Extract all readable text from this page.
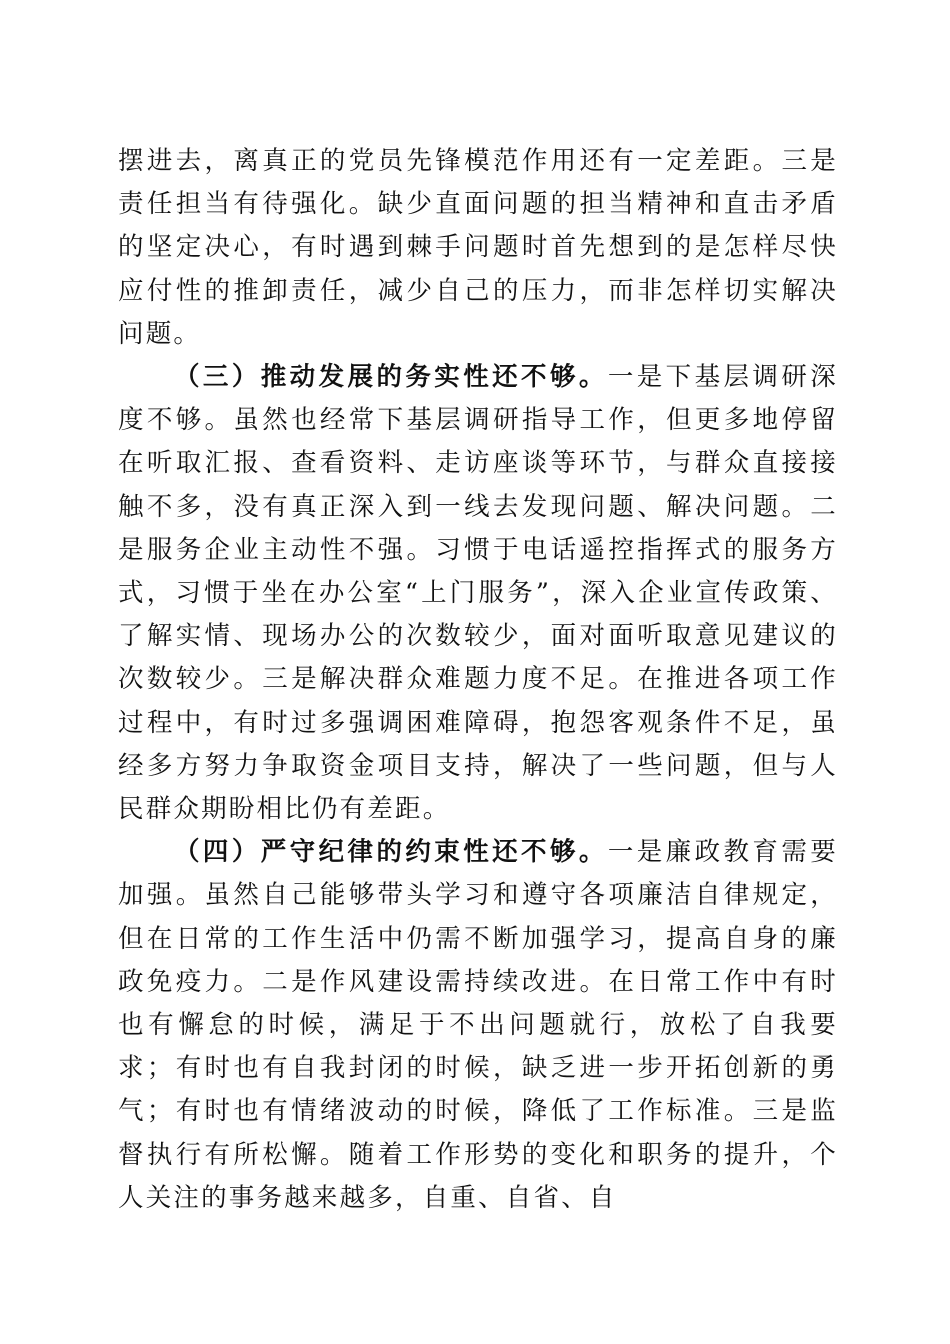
摆进去，离真正的党员先锋模范作用还有一定差距。三是责任担当有待强化。缺少直面问题的担当精神和直击矛盾的坚定决心，有时遇到棘手问题时首先想到的是怎样尽快应付性的推卸责任，减少自己的压力，而非怎样切实解决问题。

（三）推动发展的务实性还不够。一是下基层调研深度不够。虽然也经常下基层调研指导工作，但更多地停留在听取汇报、查看资料、走访座谈等环节，与群众直接接触不多，没有真正深入到一线去发现问题、解决问题。二是服务企业主动性不强。习惯于电话遥控指挥式的服务方式，习惯于坐在办公室“上门服务”，深入企业宣传政策、了解实情、现场办公的次数较少，面对面听取意见建议的次数较少。三是解决群众难题力度不足。在推进各项工作过程中，有时过多强调困难障碍，抱怨客观条件不足，虽经多方努力争取资金项目支持，解决了一些问题，但与人民群众期盼相比仍有差距。

（四）严守纪律的约束性还不够。一是廉政教育需要加强。虽然自己能够带头学习和遵守各项廉洁自律规定，但在日常的工作生活中仍需不断加强学习，提高自身的廉政免疫力。二是作风建设需持续改进。在日常工作中有时也有懈怠的时候，满足于不出问题就行，放松了自我要求；有时也有自我封闭的时候，缺乏进一步开拓创新的勇气；有时也有情绪波动的时候，降低了工作标准。三是监督执行有所松懈。随着工作形势的变化和职务的提升，个人关注的事务越来越多，自重、自省、自
